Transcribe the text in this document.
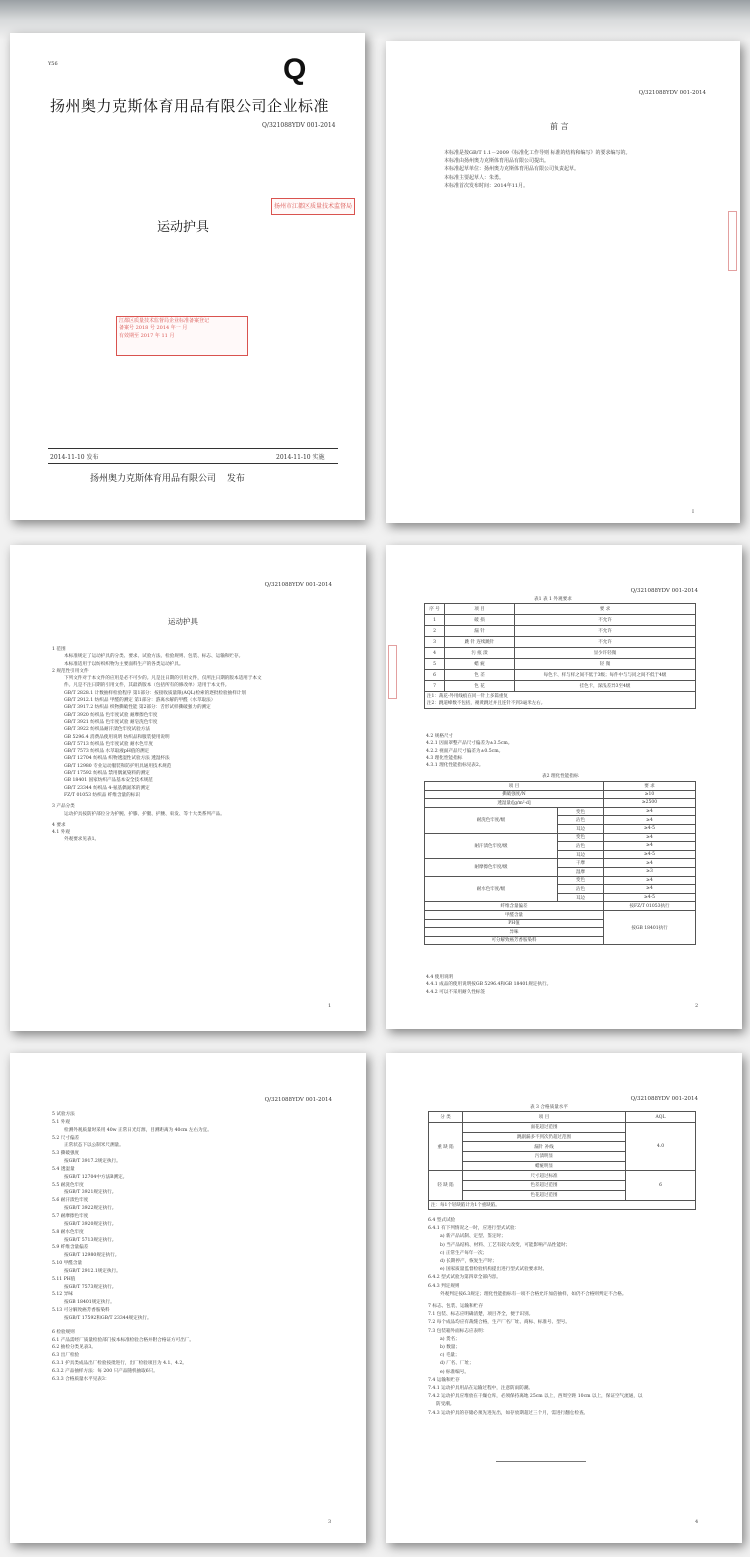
Y56	Q
扬州奥力克斯体育用品有限公司企业标准
Q/321088YDV 001-2014
扬州市江都区质量技术监督局
运动护具
江都区质量技术监督局企业标准备案登记
备案号 2018 号 2014 年一 月
有效期至 2017 年 11 月
2014-11-10 发布	2014-11-10 实施
扬州奥力克斯体育用品有限公司 发布
Q/321088YDV 001-2014
前 言
本标准是按GB/T 1.1－2009《标准化工作导则 标准的结构和编写》的要求编写的。
本标准由扬州奥力克斯体育用品有限公司提出。
本标准起草单位：扬州奥力克斯体育用品有限公司负责起草。
本标准主要起草人：朱勇。
本标准首次发布时间：2014年11月。
I
Q/321088YDV 001-2014
运动护具
1 范围
本标准规定了运动护具的分类、要求、试验方法、检验规则、包装、标志、运输和贮存。
本标准适用于以纺织织物为主要面料生产的各类运动护具。
2 规范性引用文件
下列文件对于本文件的应用是必不可少的。凡是注日期的引用文件，仅所注日期的版本适用于本文
件。凡是不注日期的引用文件，其最新版本（包括所有的修改单）适用于本文件。
GB/T 2828.1 计数抽样检验程序 第1部分：按接收质量限(AQL)检索的逐批检验抽样计划
GB/T 2912.1 纺织品 甲醛的测定 第1部分：游离水解的甲醛（水萃取法）
GB/T 3917.2 纺织品 织物撕破性能 第2部分：舌形试样撕破强力的测定
GB/T 3920 纺织品 色牢度试验 耐摩擦色牢度
GB/T 3921 纺织品 色牢度试验 耐皂洗色牢度
GB/T 3922 纺织品耐汗渍色牢度试验方法
GB 5296.4 消费品使用说明 纺织品和服装使用说明
GB/T 5713 纺织品 色牢度试验 耐水色牢度
GB/T 7573 纺织品 水萃取液pH值的测定
GB/T 12704 纺织品 织物透湿性试验方法 透湿杯法
GB/T 12980 专业运动服装和防护用具通用技术规范
GB/T 17592 纺织品 禁用偶氮染料的测定
GB 18401 国家纺织产品基本安全技术规范
GB/T 23344 纺织品 4-氨基偶氮苯的测定
FZ/T 01053 纺织品 纤维含量的标识
3 产品分类
运动护具按防护部位分为护腕、护膝、护腿、护腰、束发、等十大类系列产品。
4 要求
4.1 外观
外观要求见表1。
1
Q/321088YDV 001-2014
表1 表 1 外观要求
序 号	项 目	要 求
1	破 损	不允许
2	漏 针	不允许
3	跳 针 连续跳针	不允许
4	污 痕 渍	显少许轻微
5	蜡 疵	轻 微
6	色 差	每色卡、样与样之间不低于3级；每件中与与同之间不低于4级
7	色 花	挂色卡，深浅差异3至4级

注1：裁花-外用线痕在同一针上多篇重复
注2：跳道峰数不包括，褪黄跳过并且连针不到3毫米左右。		
4.2 规格尺寸
4.2.1 因面罩整产品尺寸偏差为±3.5cm。
4.2.2 视面产品尺寸偏差为±0.5cm。
4.3 理化性能指标
4.3.1 理化性能指标见表2。
表2 理化性能指标
项 目		要 求
撕破强度/N		≥10
透湿量/[g/m²·d]		≥2500
耐洗色牢度/级	变色	≥4
	沾色	≥4
	耳边	≥4-5
耐汗渍色牢度/级	变色	≥4
	沾色	≥4
	耳边	≥4-5
耐摩擦色牢度/级	干摩	≥4
	湿摩	≥3
耐水色牢度/级	变色	≥4
	沾色	≥4
	耳边	≥4-5
纤维含量偏差		按FZ/T 01053执行
甲醛含量		按GB 18401执行
PH值		
异味		
可分解致癌芳香胺染料		
4.4 使用说明
4.4.1 成品的使用说明按GB 5296.4和GB 18401规定执行。
4.4.2 可以不采用耐久性标签
2
Q/321088YDV 001-2014
5 试验方法
5.1 外观
检测外观质量时采用 40w 正常日光灯源，目测距离为 40cm 左右为宜。
5.2 尺寸偏差
正常状态下以公制米尺测量。
5.3 撕破强度
按GB/T 3917.2规定执行。
5.4 透湿量
按GB/T 12704中方法B测定。
5.5 耐洗色牢度
按GB/T 3921规定执行。
5.6 耐汗渍色牢度
按GB/T 3922规定执行。
5.7 耐摩擦色牢度
按GB/T 3920规定执行。
5.8 耐水色牢度
按GB/T 5713规定执行。
5.9 纤维含量偏差
按GB/T 12980规定执行。
5.10 甲醛含量
按GB/T 2912.1规定执行。
5.11 PH值
按GB/T 7573规定执行。
5.12 异味
按GB 18401规定执行。
5.13 可分解致癌芳香胺染料
按GB/T 17592和GB/T 23344规定执行。
6 检验规则
6.1 产品需经厂质量检验部门按本标准检验合格并附合格证方可出厂。
6.2 抽检分类见表3。
6.3 出厂检验
6.3.1 护具类成品出厂检验按批进行，出厂检验项目为 4.1、4.2。
6.3.2 产品抽样方法：每 200 只产品随机抽取6只。
6.3.3 合格质量水平见表3：
3
Q/321088YDV 001-2014
表 3 合格质量水平
分 类	项 目	AQL
重 缺 陷	面花超过范围	4.0
	跳副漏多不到次仍超过范围	
	漏针 补线	
	污渍明显	
	蜡疵明显	
轻 缺 陷	尺寸超过标准	6
	色差超过范围	
	色花超过范围	
注：每1个轻缺陷计为1个重缺陷。		
6.4 型式试验
6.4.1 有下列情况之一时，应进行型式试验：
a) 新产品试制、定型、鉴定时；
b) 当产品结构、材料、工艺有较大改变，可能影响产品性能时；
c) 正常生产每年一次；
d) 长期停产，恢复生产时；
e) 国家质量监督检验机构提出进行型式试验要求时。
6.4.2 型式试验为第四章全部内容。
6.4.3 判定规则
外观判定按6.3规定；理化性能指标有一项不合格允许加倍抽样，如仍不合格则判定不合格。
7 标志、包装、运输和贮存
7.1 包装、标志应明确清楚，项目齐全，便于识别。
7.2 每个成品均应有裁缝合格，生产厂名厂址、商标、标准号、型号。
7.3 包装箱外面标志应表明：
a) 货名；
b) 数量；
c) 毛量；
d) 厂名、厂址；
e) 标准编号。
7.4 运输和贮存
7.4.1 运动护具用品在运输过程中，注意防雨防潮。
7.4.2 运动护具应堆放在干燥仓库，必须保持离地 25cm 以上，西周空距 10cm 以上，保证空气流通，以
防受潮。
7.4.3 运动护具的存储必须先进先出，如存放期超过三个月，需进行翻仓检查。
4
